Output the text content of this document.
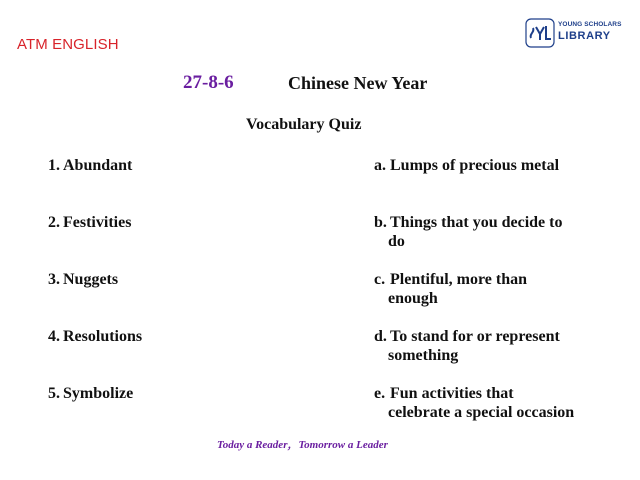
ATM ENGLISH
YOUNG SCHOLARS
LIBRARY
27-8-6	Chinese New Year
Vocabulary Quiz
1. Abundant
2. Festivities
3. Nuggets
4. Resolutions
5. Symbolize
a. Lumps of precious metal
b. Things that you decide to
do
c. Plentiful, more than
enough
d. To stand for or represent
something
e. Fun activities that
celebrate a special occasion
Today a Reader，Tomorrow a Leader
